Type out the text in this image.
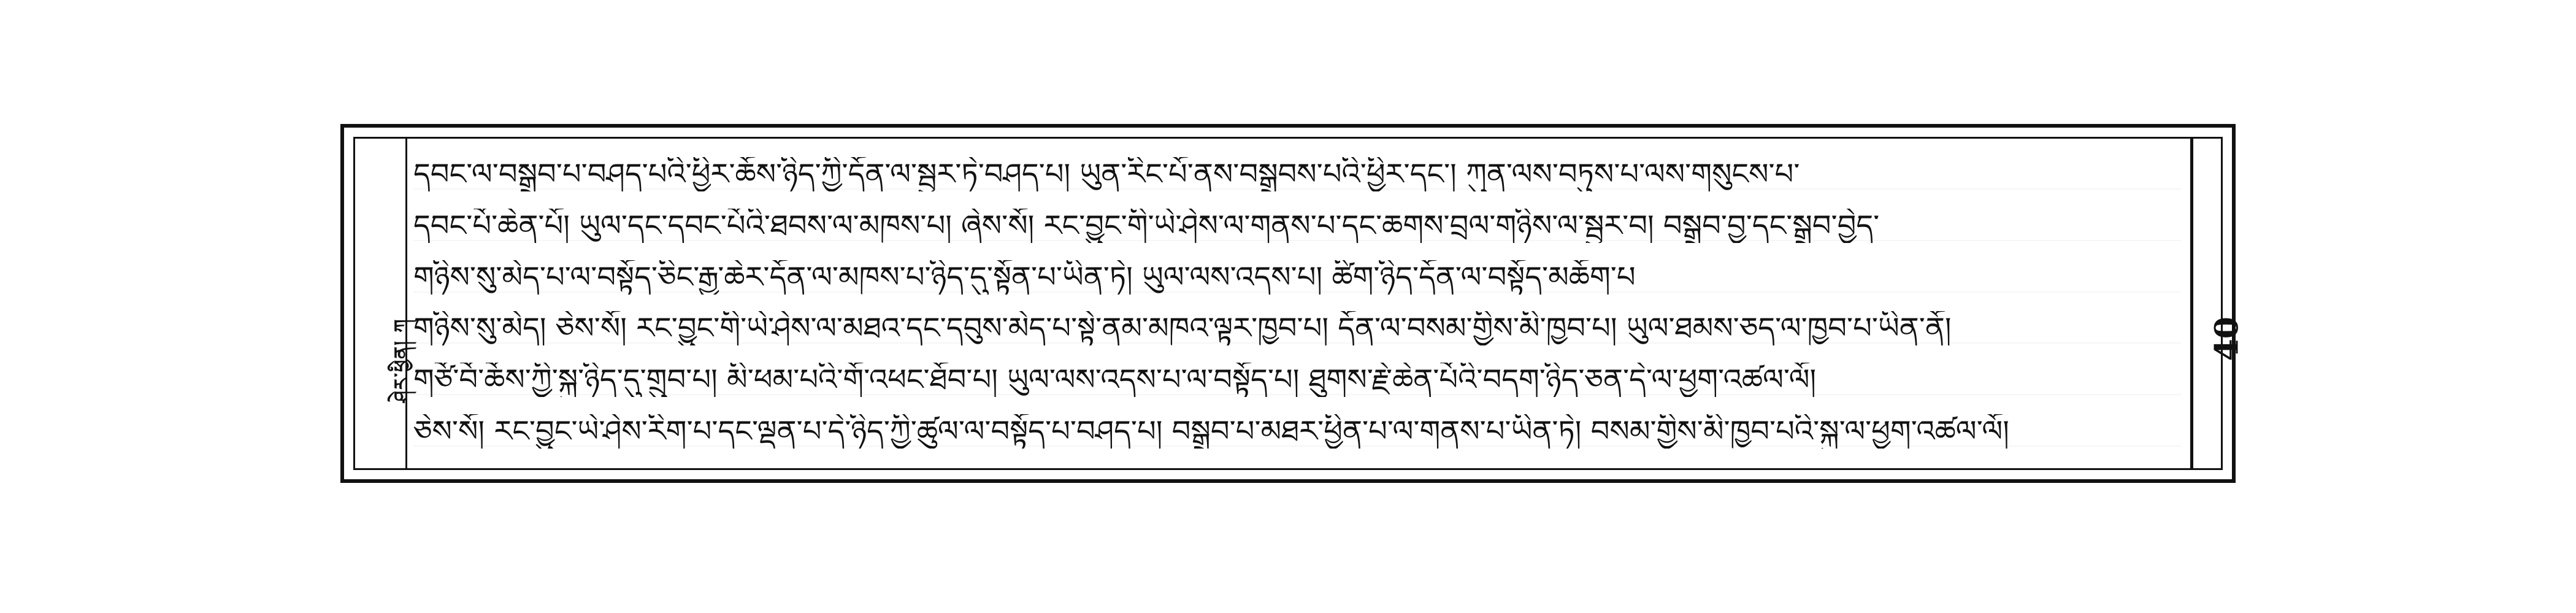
ཤེར་ཕྱིན། ཀ	40
དབང་ལ་བསྒྲུབ་པ་བཤད་པའི་ཕྱིར་ཆོས་ཉིད་ཀྱི་དོན་ལ་སྦྱར་ཏེ་བཤད་པ། ཡུན་རིང་པོ་ནས་བསྒྲུབས་པའི་ཕྱིར་དང་། ཀུན་ལས་བཏུས་པ་ལས་གསུངས་པ་
དབང་པོ་ཆེན་པོ། ཡུལ་དང་དབང་པོའི་ཐབས་ལ་མཁས་པ། ཞེས་སོ། རང་བྱུང་གི་ཡེ་ཤེས་ལ་གནས་པ་དང་ཆགས་བྲལ་གཉིས་ལ་སྦྱར་བ། བསྒྲུབ་བྱ་དང་སྒྲུབ་བྱེད་
གཉིས་སུ་མེད་པ་ལ་བསྟོད་ཅིང་རྒྱ་ཆེར་དོན་ལ་མཁས་པ་ཉིད་དུ་སྟོན་པ་ཡིན་ཏེ། ཡུལ་ལས་འདས་པ། ཚིག་ཉིད་དོན་ལ་བསྟོད་མཆོག་པ
གཉིས་སུ་མེད། ཅེས་སོ། རང་བྱུང་གི་ཡེ་ཤེས་ལ་མཐའ་དང་དབུས་མེད་པ་སྟེ་ནམ་མཁའ་ལྟར་ཁྱབ་པ། དོན་ལ་བསམ་གྱིས་མི་ཁྱབ་པ། ཡུལ་ཐམས་ཅད་ལ་ཁྱབ་པ་ཡིན་ནོ།
གཙོ་བོ་ཆོས་ཀྱི་སྐུ་ཉིད་དུ་གྲུབ་པ། མི་ཕམ་པའི་གོ་འཕང་ཐོབ་པ། ཡུལ་ལས་འདས་པ་ལ་བསྟོད་པ། ཐུགས་རྗེ་ཆེན་པོའི་བདག་ཉིད་ཅན་དེ་ལ་ཕྱག་འཚལ་ལོ།
ཅེས་སོ། རང་བྱུང་ཡེ་ཤེས་རིག་པ་དང་ལྡན་པ་དེ་ཉིད་ཀྱི་ཚུལ་ལ་བསྟོད་པ་བཤད་པ། བསྒྲུབ་པ་མཐར་ཕྱིན་པ་ལ་གནས་པ་ཡིན་ཏེ། བསམ་གྱིས་མི་ཁྱབ་པའི་སྐུ་ལ་ཕྱག་འཚལ་ལོ།
